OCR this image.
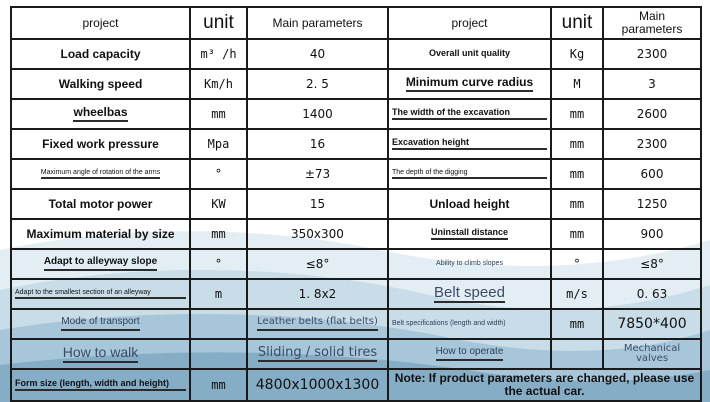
project	unit	Main parameters	project	unit	Main parameters
Load capacity	m³ /h	40	Overall unit quality	Kg	2300
Walking speed	Km/h	2. 5	Minimum curve radius	M	3
wheelbas	mm	1400	The width of the excavation	mm	2600
Fixed work pressure	Mpa	16	Excavation height	mm	2300
Maximum angle of rotation of the arms	°	±73	The depth of the digging	mm	600
Total motor power	KW	15	Unload height	mm	1250
Maximum material by size	mm	350x300	Uninstall distance	mm	900
Adapt to alleyway slope	°	≤8°	Ability to climb slopes	°	≤8°

Adapt to the smallest section of an alleyway	m	1. 8x2	Belt speed	m/s	0. 63
Mode of transport		Leather belts (flat belts)	Belt specifications (length and width)	mm	7850*400
How to walk		Sliding / solid tires	How to operate		Mechanical valves

Form size (length, width and height)	mm	4800x1000x1300	Note: If product parameters are changed, please use the actual car.		
